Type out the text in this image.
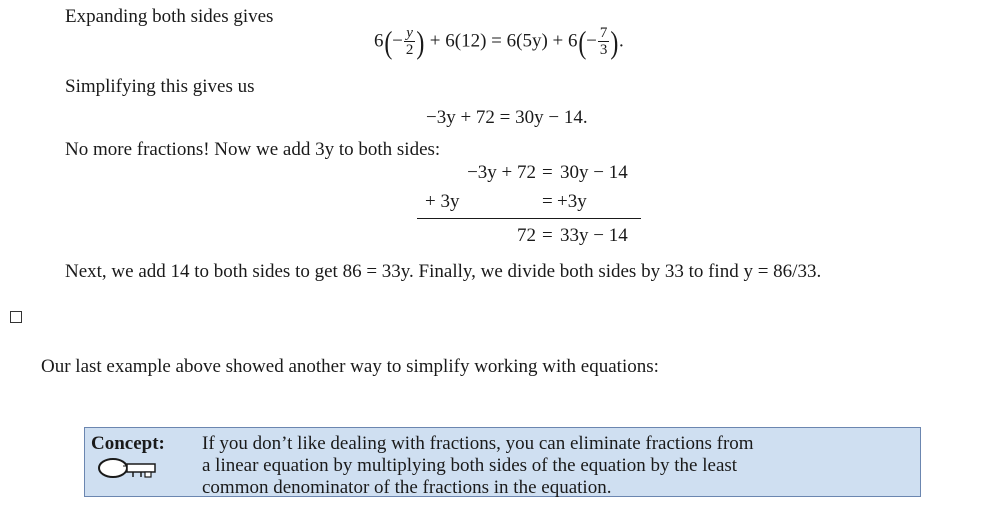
Expanding both sides gives
$6(- \frac{y}{2}$ ) + $6(12) = 6(5y) + 6(- \frac{7}{3}$ ).
Simplifying this gives us
−3y + 72 = 30y − 14.
No more fractions! Now we add 3y to both sides:
−3y + 72 = 30y − 14
+ 3y	= +3y
72 = 33y − 14
Next, we add 14 to both sides to get 86 = 33y. Finally, we divide both sides by 33 to find y = 86/33.
Our last example above showed another way to simplify working with equations:
Concept: If you don’t like dealing with fractions, you can eliminate fractions from
a linear equation by multiplying both sides of the equation by the least
common denominator of the fractions in the equation.
